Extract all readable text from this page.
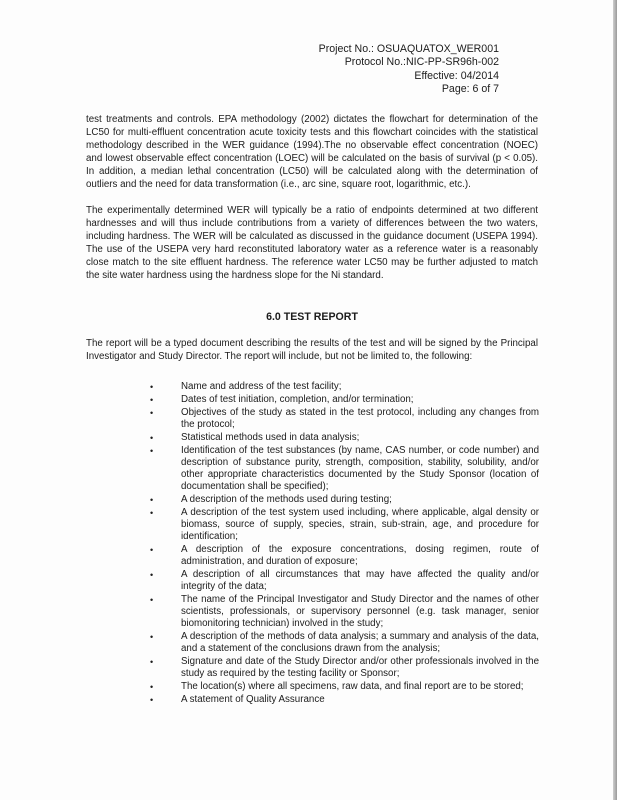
Project No.: OSUAQUATOX_WER001
Protocol No.:NIC-PP-SR96h-002
Effective: 04/2014
Page: 6 of 7

test treatments and controls. EPA methodology (2002) dictates the flowchart for determination of the LC50 for multi-effluent concentration acute toxicity tests and this flowchart coincides with the statistical methodology described in the WER guidance (1994).The no observable effect concentration (NOEC) and lowest observable effect concentration (LOEC) will be calculated on the basis of survival (p < 0.05). In addition, a median lethal concentration (LC50) will be calculated along with the determination of outliers and the need for data transformation (i.e., arc sine, square root, logarithmic, etc.).

The experimentally determined WER will typically be a ratio of endpoints determined at two different hardnesses and will thus include contributions from a variety of differences between the two waters, including hardness. The WER will be calculated as discussed in the guidance document (USEPA 1994). The use of the USEPA very hard reconstituted laboratory water as a reference water is a reasonably close match to the site effluent hardness. The reference water LC50 may be further adjusted to match the site water hardness using the hardness slope for the Ni standard.

6.0 TEST REPORT
The report will be a typed document describing the results of the test and will be signed by the Principal Investigator and Study Director. The report will include, but not be limited to, the following:
•	Name and address of the test facility;
•	Dates of test initiation, completion, and/or termination;
•	Objectives of the study as stated in the test protocol, including any changes from the protocol;
•	Statistical methods used in data analysis;
•	Identification of the test substances (by name, CAS number, or code number) and description of substance purity, strength, composition, stability, solubility, and/or other appropriate characteristics documented by the Study Sponsor (location of documentation shall be specified);
•	A description of the methods used during testing;
•	A description of the test system used including, where applicable, algal density or biomass, source of supply, species, strain, sub-strain, age, and procedure for identification;
•	A description of the exposure concentrations, dosing regimen, route of administration, and duration of exposure;
•	A description of all circumstances that may have affected the quality and/or integrity of the data;
•	The name of the Principal Investigator and Study Director and the names of other scientists, professionals, or supervisory personnel (e.g. task manager, senior biomonitoring technician) involved in the study;
•	A description of the methods of data analysis; a summary and analysis of the data, and a statement of the conclusions drawn from the analysis;
•	Signature and date of the Study Director and/or other professionals involved in the study as required by the testing facility or Sponsor;
•	The location(s) where all specimens, raw data, and final report are to be stored;
•	A statement of Quality Assurance
